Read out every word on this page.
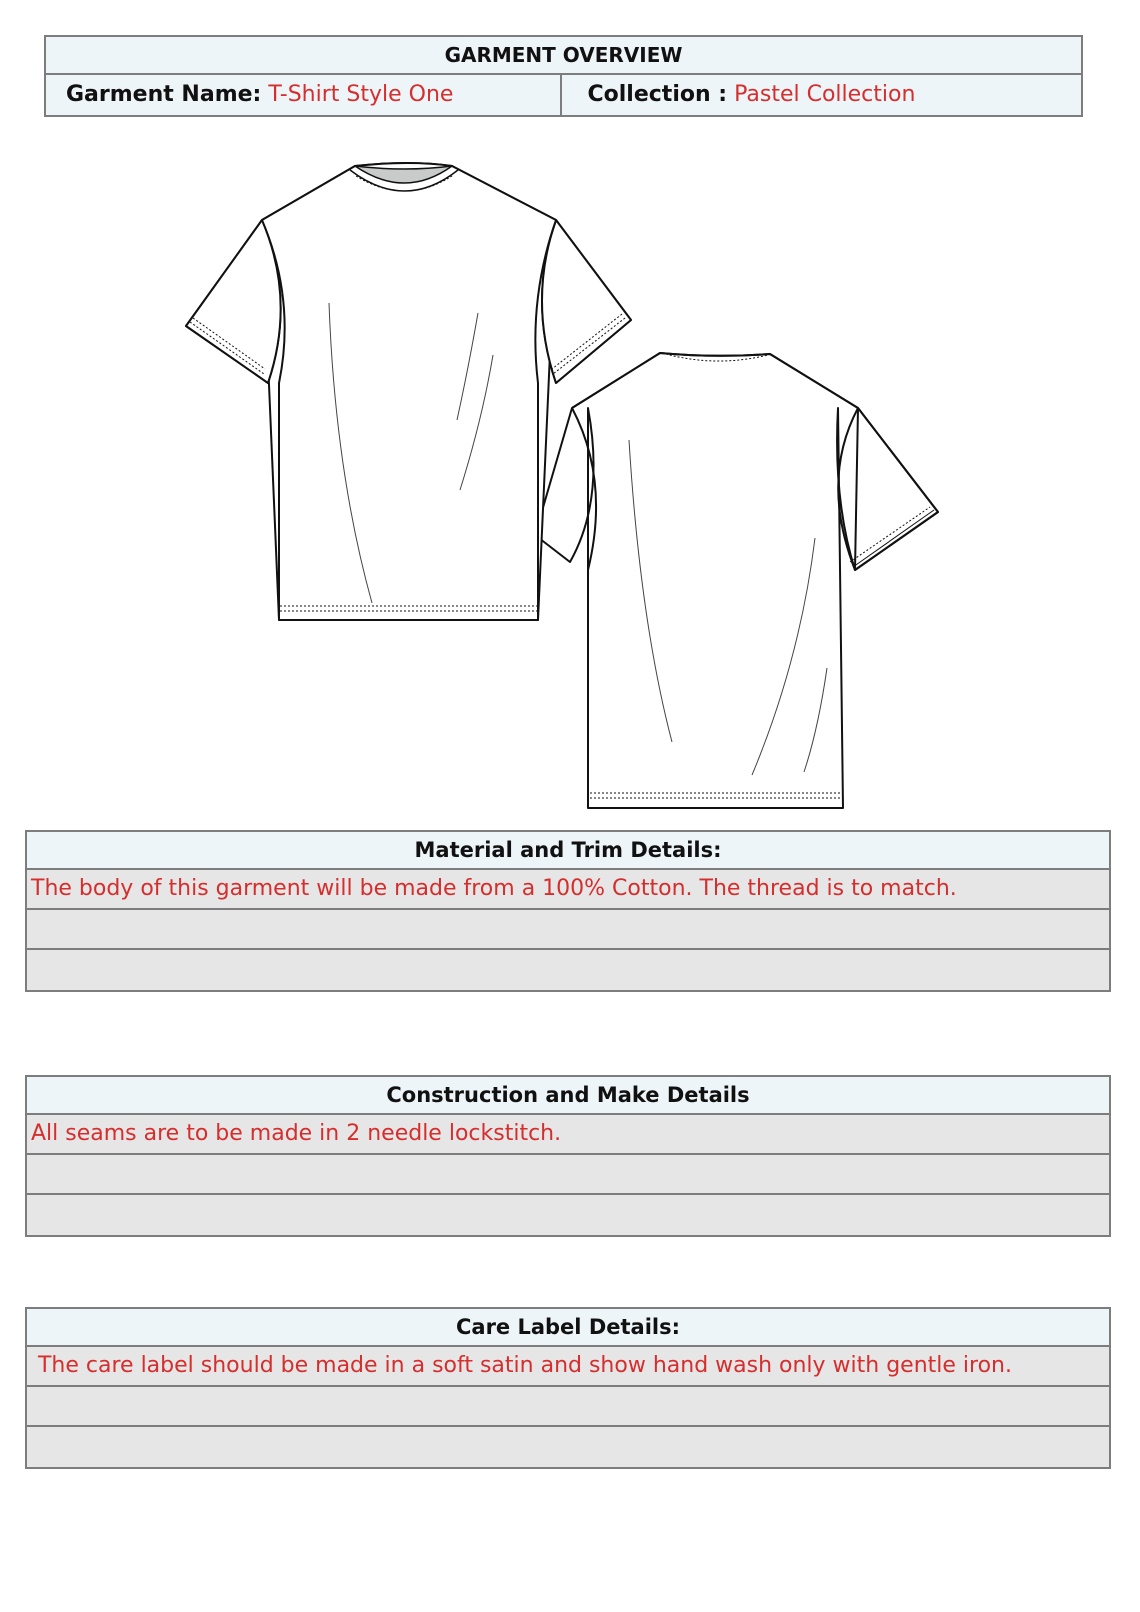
GARMENT OVERVIEW
Garment Name: T-Shirt Style One	Collection : Pastel Collection
Material and Trim Details:
The body of this garment will be made from a 100% Cotton. The thread is to match.
Construction and Make Details
All seams are to be made in 2 needle lockstitch.
Care Label Details:
The care label should be made in a soft satin and show hand wash only with gentle iron.
